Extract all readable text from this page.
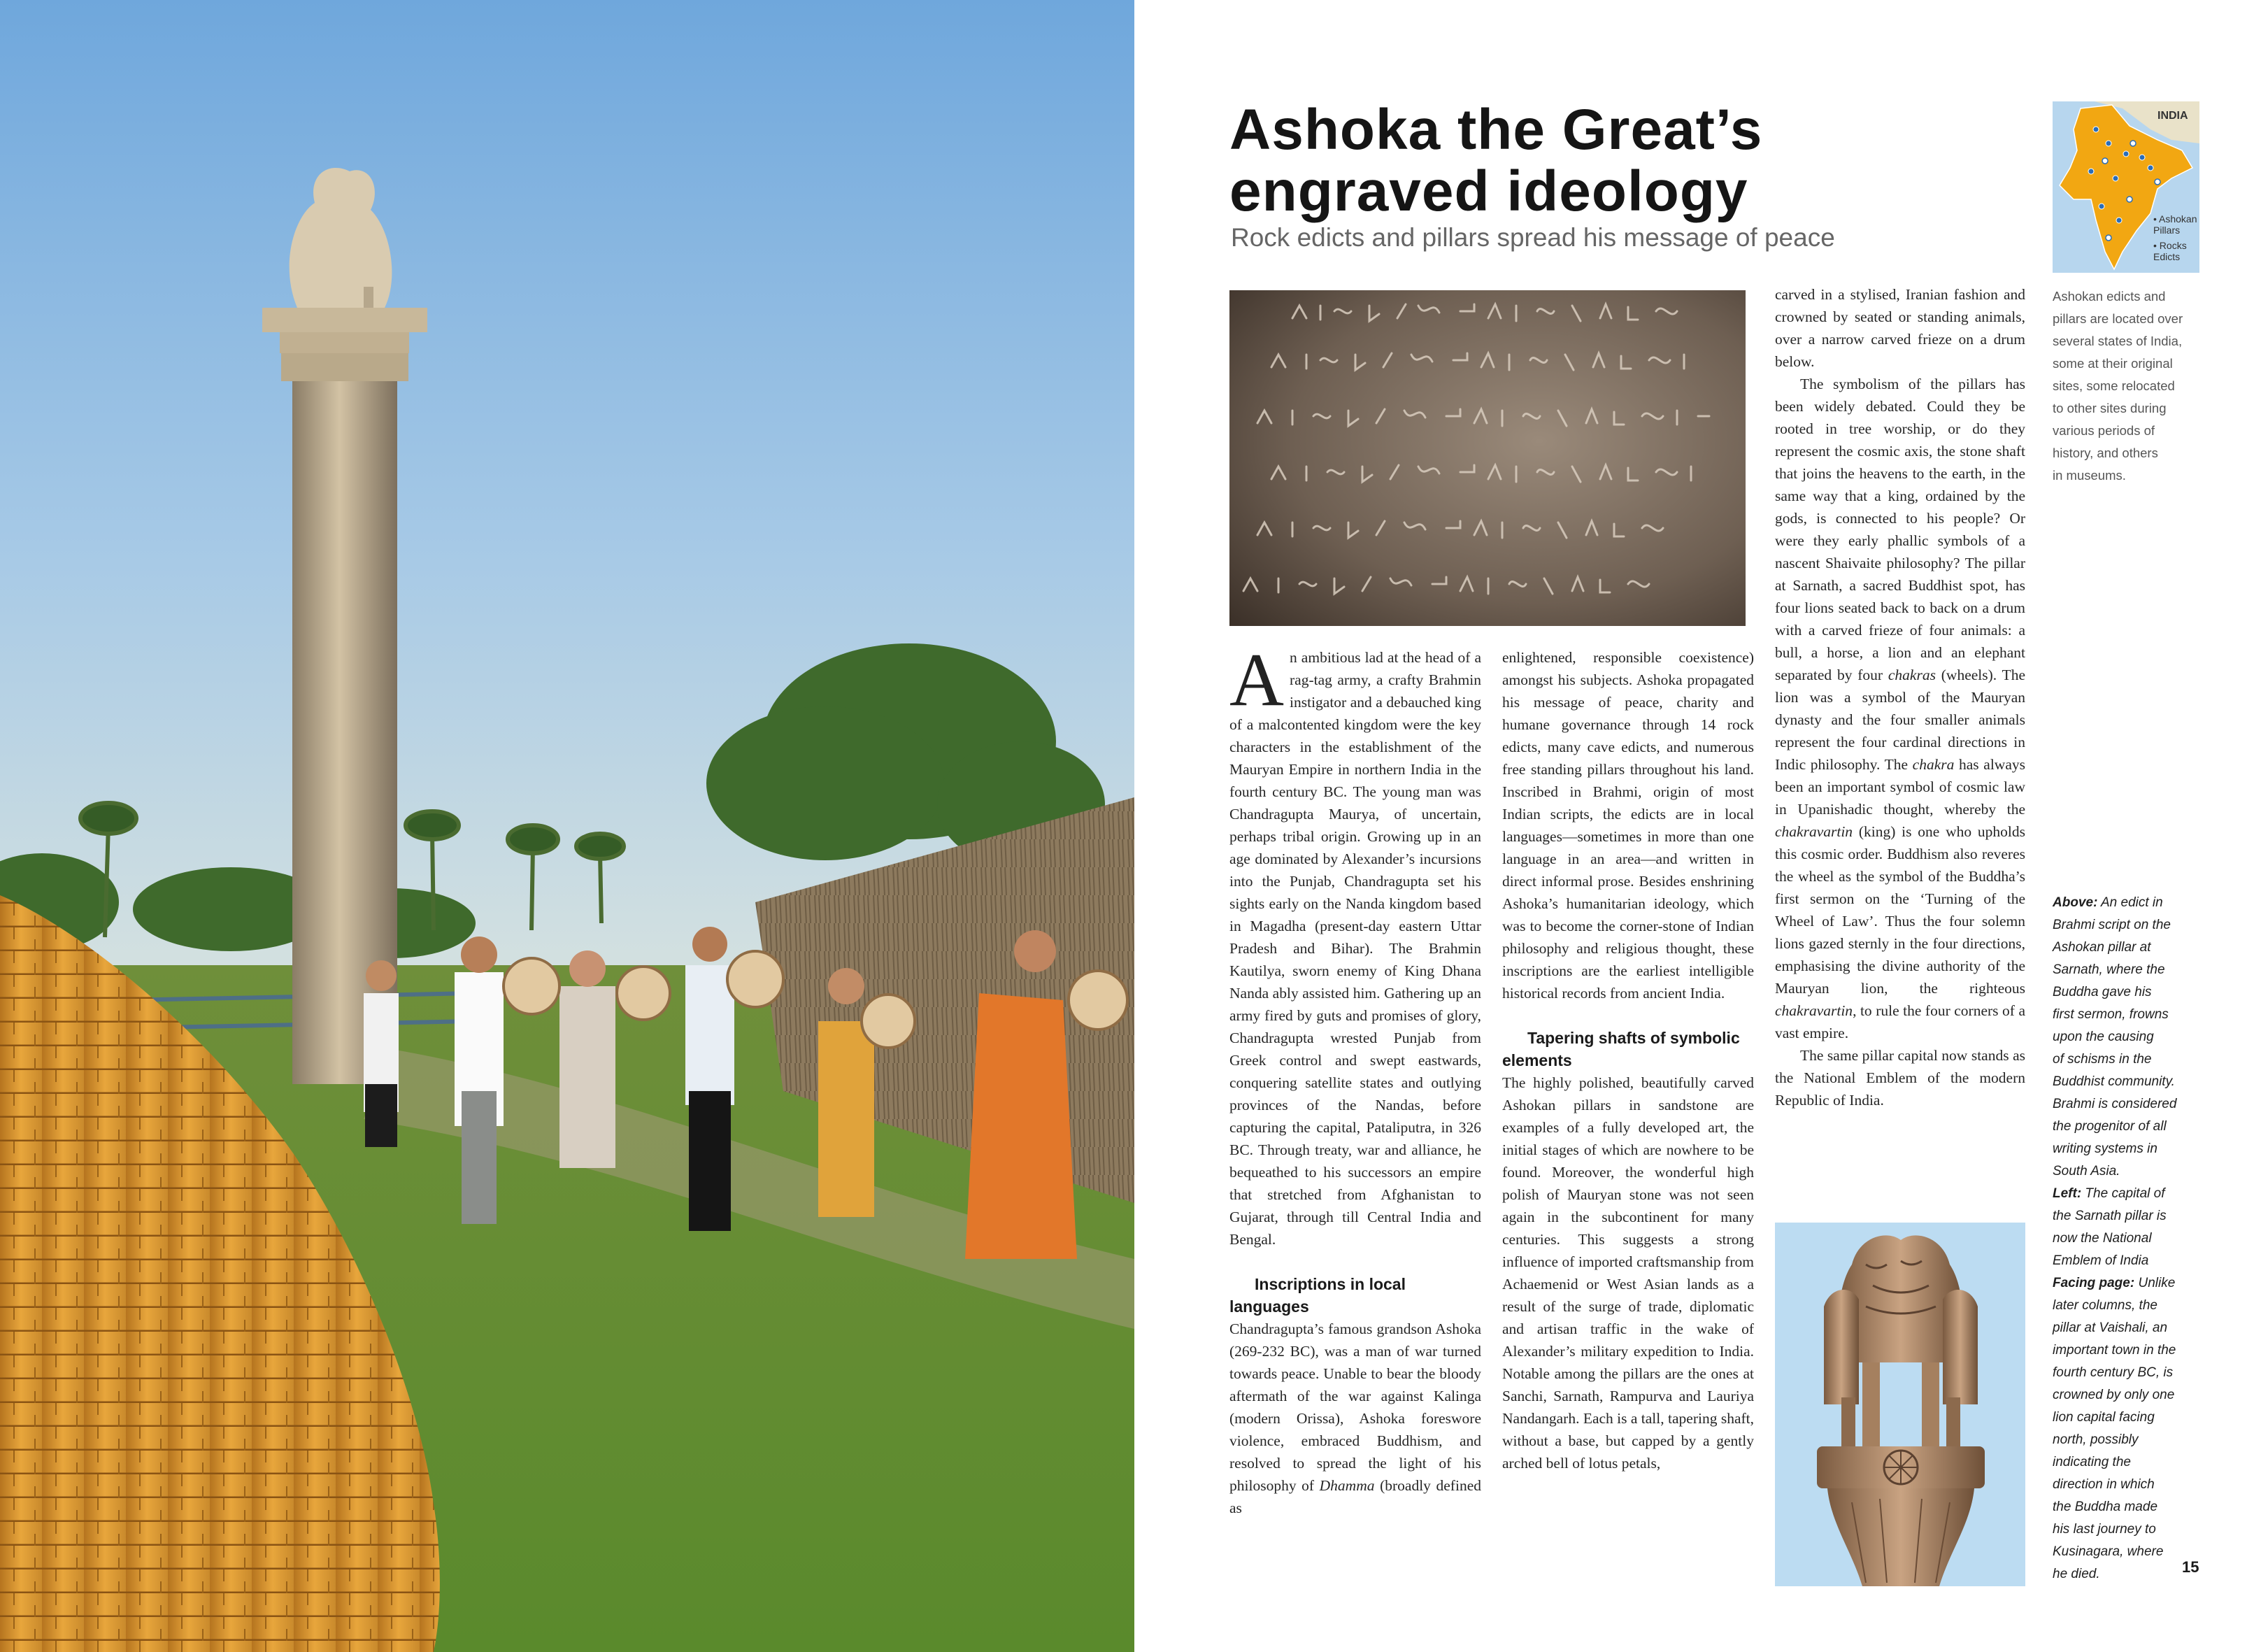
Ashoka the Great’s
engraved ideology
Rock edicts and pillars spread his message of peace
INDIA
• Ashokan Pillars
• Rocks Edicts

Ashokan edicts and

pillars are located over

several states of India,

some at their original

sites, some relocated

to other sites during

various periods of

history, and others

in museums.

An ambitious lad at the head of a rag-tag army, a crafty Brahmin instigator and a debauched king of a malcontented kingdom were the key characters in the establishment of the Mauryan Empire in northern India in the fourth century BC. The young man was Chandragupta Maurya, of uncertain, perhaps tribal origin. Growing up in an age dominated by Alexander’s incursions into the Punjab, Chandragupta set his sights early on the Nanda kingdom based in Magadha (present-day eastern Uttar Pradesh and Bihar). The Brahmin Kautilya, sworn enemy of King Dhana Nanda ably assisted him. Gathering up an army fired by guts and promises of glory, Chandragupta wrested Punjab from Greek control and swept eastwards, conquering satellite states and outlying provinces of the Nandas, before capturing the capital, Pataliputra, in 326 BC. Through treaty, war and alliance, he bequeathed to his successors an empire that stretched from Afghanistan to Gujarat, through till Central India and Bengal.

Inscriptions in local languages

Chandragupta’s famous grandson Ashoka (269-232 BC), was a man of war turned towards peace. Unable to bear the bloody aftermath of the war against Kalinga (modern Orissa), Ashoka foreswore violence, embraced Buddhism, and resolved to spread the light of his philosophy of Dhamma (broadly defined as

enlightened, responsible coexistence) amongst his subjects. Ashoka propagated his message of peace, charity and humane governance through 14 rock edicts, many cave edicts, and numerous free standing pillars throughout his land. Inscribed in Brahmi, origin of most Indian scripts, the edicts are in local languages—sometimes in more than one language in an area—and written in direct informal prose. Besides enshrining Ashoka’s humanitarian ideology, which was to become the corner-stone of Indian philosophy and religious thought, these inscriptions are the earliest intelligible historical records from ancient India.

Tapering shafts of symbolic elements

The highly polished, beautifully carved Ashokan pillars in sandstone are examples of a fully developed art, the initial stages of which are nowhere to be found. Moreover, the wonderful high polish of Mauryan stone was not seen again in the subcontinent for many centuries. This suggests a strong influence of imported craftsmanship from Achaemenid or West Asian lands as a result of the surge of trade, diplomatic and artisan traffic in the wake of Alexander’s military expedition to India. Notable among the pillars are the ones at Sanchi, Sarnath, Rampurva and Lauriya Nandangarh. Each is a tall, tapering shaft, without a base, but capped by a gently arched bell of lotus petals,

carved in a stylised, Iranian fashion and crowned by seated or standing animals, over a narrow carved frieze on a drum below.

The symbolism of the pillars has been widely debated. Could they be rooted in tree worship, or do they represent the cosmic axis, the stone shaft that joins the heavens to the earth, in the same way that a king, ordained by the gods, is connected to his people? Or were they early phallic symbols of a nascent Shaivaite philosophy? The pillar at Sarnath, a sacred Buddhist spot, has four lions seated back to back on a drum with a carved frieze of four animals: a bull, a horse, a lion and an elephant separated by four chakras (wheels). The lion was a symbol of the Mauryan dynasty and the four smaller animals represent the four cardinal directions in Indic philosophy. The chakra has always been an important symbol of cosmic law in Upanishadic thought, whereby the chakravartin (king) is one who upholds this cosmic order. Buddhism also reveres the wheel as the symbol of the Buddha’s first sermon on the ‘Turning of the Wheel of Law’. Thus the four solemn lions gazed sternly in the four directions, emphasising the divine authority of the Mauryan lion, the righteous chakravartin, to rule the four corners of a vast empire.

The same pillar capital now stands as the National Emblem of the modern Republic of India.

Above: An edict in

Brahmi script on the

Ashokan pillar at

Sarnath, where the

Buddha gave his

first sermon, frowns

upon the causing

of schisms in the

Buddhist community.

Brahmi is considered

the progenitor of all

writing systems in

South Asia.

Left: The capital of

the Sarnath pillar is

now the National

Emblem of India

Facing page: Unlike

later columns, the

pillar at Vaishali, an

important town in the

fourth century BC, is

crowned by only one

lion capital facing

north, possibly

indicating the

direction in which

the Buddha made

his last journey to

Kusinagara, where

he died.	15
